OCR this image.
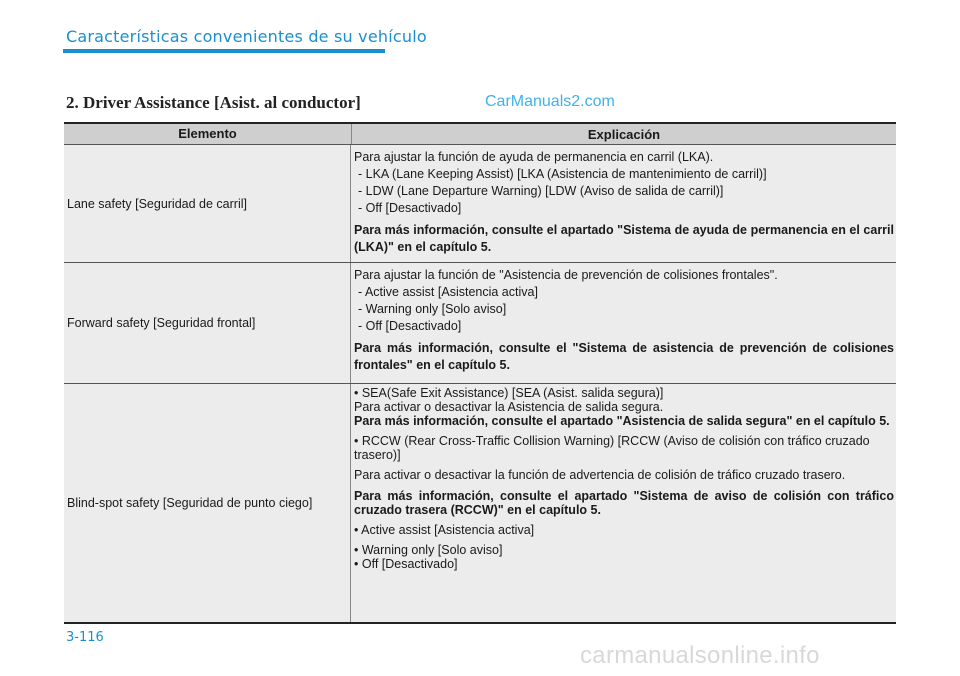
Características convenientes de su vehículo
2. Driver Assistance [Asist. al conductor]	CarManuals2.com
Elemento	Explicación
Lane safety [Seguridad de carril]
Para ajustar la función de ayuda de permanencia en carril (LKA).
- LKA (Lane Keeping Assist) [LKA (Asistencia de mantenimiento de carril)]
- LDW (Lane Departure Warning) [LDW (Aviso de salida de carril)]
- Off [Desactivado]
Para más información, consulte el apartado "Sistema de ayuda de permanencia en el carril (LKA)" en el capítulo 5.
Forward safety [Seguridad frontal]
Para ajustar la función de "Asistencia de prevención de colisiones frontales".
- Active assist [Asistencia activa]
- Warning only [Solo aviso]
- Off [Desactivado]
Para más información, consulte el "Sistema de asistencia de prevención de colisiones frontales" en el capítulo 5.
Blind-spot safety [Seguridad de punto ciego]
• SEA(Safe Exit Assistance) [SEA (Asist. salida segura)]
Para activar o desactivar la Asistencia de salida segura.
Para más información, consulte el apartado "Asistencia de salida segura" en el capítulo 5.
• RCCW (Rear Cross-Traffic Collision Warning) [RCCW (Aviso de colisión con tráfico cruzado trasero)]
Para activar o desactivar la función de advertencia de colisión de tráfico cruzado trasero.
Para más información, consulte el apartado "Sistema de aviso de colisión con tráfico cruzado trasera (RCCW)" en el capítulo 5.
• Active assist [Asistencia activa]
• Warning only [Solo aviso]
• Off [Desactivado]
3-116
carmanualsonline.info
